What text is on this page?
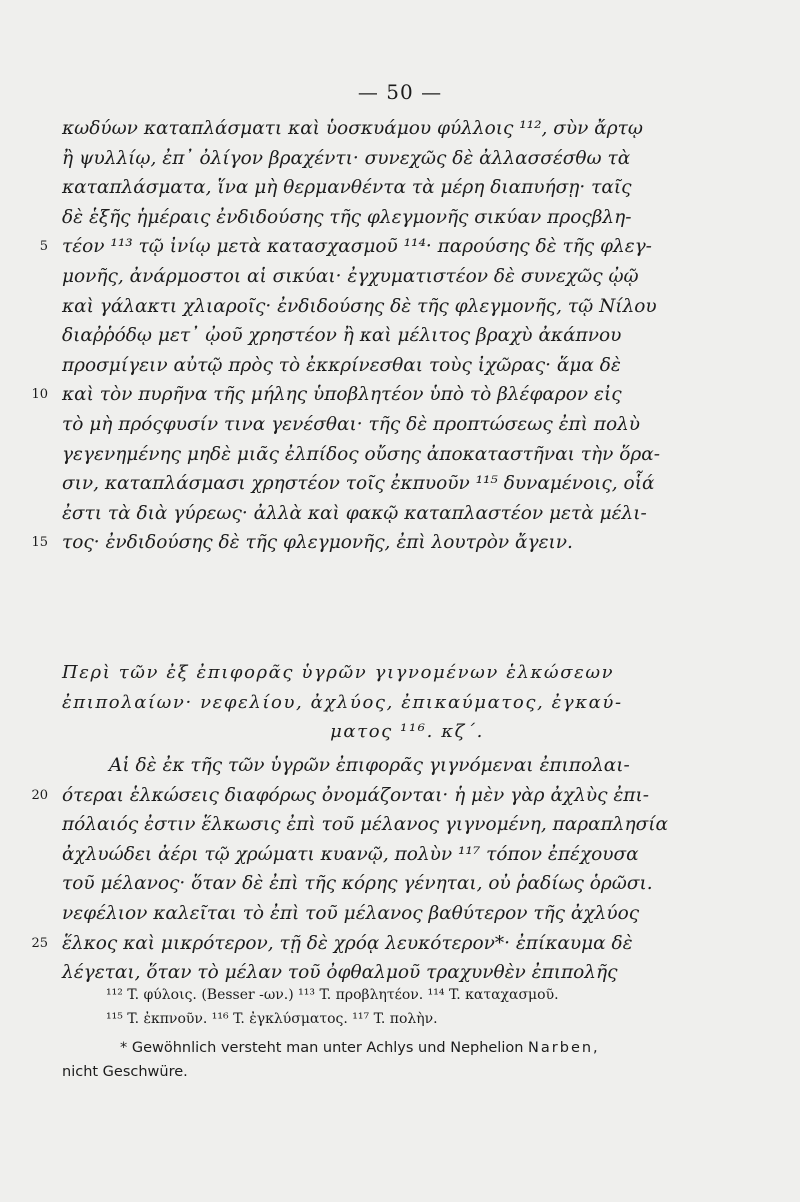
— 50 —
κωδύων καταπλάσματι καὶ ὑοσκυάμου φύλλοις ¹¹², σὺν ἄρτῳ
ἢ ψυλλίῳ, ἐπ᾽ ὀλίγον βραχέντι· συνεχῶς δὲ ἀλλασσέσθω τὰ
καταπλάσματα, ἵνα μὴ θερμανθέντα τὰ μέρη διαπυήσῃ· ταῖς
δὲ ἑξῆς ἡμέραις ἐνδιδούσης τῆς φλεγμονῆς σικύαν προςβλη-
5 τέον ¹¹³ τῷ ἰνίῳ μετὰ κατασχασμοῦ ¹¹⁴· παρούσης δὲ τῆς φλεγ-
μονῆς, ἀνάρμοστοι αἱ σικύαι· ἐγχυματιστέον δὲ συνεχῶς ᾠῷ
καὶ γάλακτι χλιαροῖς· ἐνδιδούσης δὲ τῆς φλεγμονῆς, τῷ Νίλου
διαῤῥόδῳ μετ᾽ ᾠοῦ χρηστέον ἢ καὶ μέλιτος βραχὺ ἀκάπνου
προσμίγειν αὐτῷ πρὸς τὸ ἐκκρίνεσθαι τοὺς ἰχῶρας· ἅμα δὲ
10 καὶ τὸν πυρῆνα τῆς μήλης ὑποβλητέον ὑπὸ τὸ βλέφαρον εἰς
τὸ μὴ πρόςφυσίν τινα γενέσθαι· τῆς δὲ προπτώσεως ἐπὶ πολὺ
γεγενημένης μηδὲ μιᾶς ἐλπίδος οὔσης ἀποκαταστῆναι τὴν ὅρα-
σιν, καταπλάσμασι χρηστέον τοῖς ἐκπυοῦν ¹¹⁵ δυναμένοις, οἷά
ἐστι τὰ διὰ γύρεως· ἀλλὰ καὶ φακῷ καταπλαστέον μετὰ μέλι-
15 τος· ἐνδιδούσης δὲ τῆς φλεγμονῆς, ἐπὶ λουτρὸν ἄγειν.
Περὶ τῶν ἐξ ἐπιφορᾶς ὑγρῶν γιγνομένων ἑλκώσεων
ἐπιπολαίων· νεφελίου, ἀχλύος, ἐπικαύματος, ἐγκαύ-
ματος ¹¹⁶. κζ΄.
Αἱ δὲ ἐκ τῆς τῶν ὑγρῶν ἐπιφορᾶς γιγνόμεναι ἐπιπολαι-
20 ότεραι ἑλκώσεις διαφόρως ὀνομάζονται· ἡ μὲν γὰρ ἀχλὺς ἐπι-
πόλαιός ἐστιν ἕλκωσις ἐπὶ τοῦ μέλανος γιγνομένη, παραπλησία
ἀχλυώδει ἀέρι τῷ χρώματι κυανῷ, πολὺν ¹¹⁷ τόπον ἐπέχουσα
τοῦ μέλανος· ὅταν δὲ ἐπὶ τῆς κόρης γένηται, οὐ ῥαδίως ὁρῶσι.
νεφέλιον καλεῖται τὸ ἐπὶ τοῦ μέλανος βαθύτερον τῆς ἀχλύος
25 ἕλκος καὶ μικρότερον, τῇ δὲ χρόᾳ λευκότερον*· ἐπίκαυμα δὲ
λέγεται, ὅταν τὸ μέλαν τοῦ ὀφθαλμοῦ τραχυνθὲν ἐπιπολῆς
¹¹² T. φύλοις. (Besser -ων.) ¹¹³ T. προβλητέον. ¹¹⁴ T. καταχασμοῦ.
¹¹⁵ T. ἐκπνοῦν. ¹¹⁶ T. ἐγκλύσματος. ¹¹⁷ T. πολὴν.
* Gewöhnlich versteht man unter Achlys und Nephelion Narben,
nicht Geschwüre.
